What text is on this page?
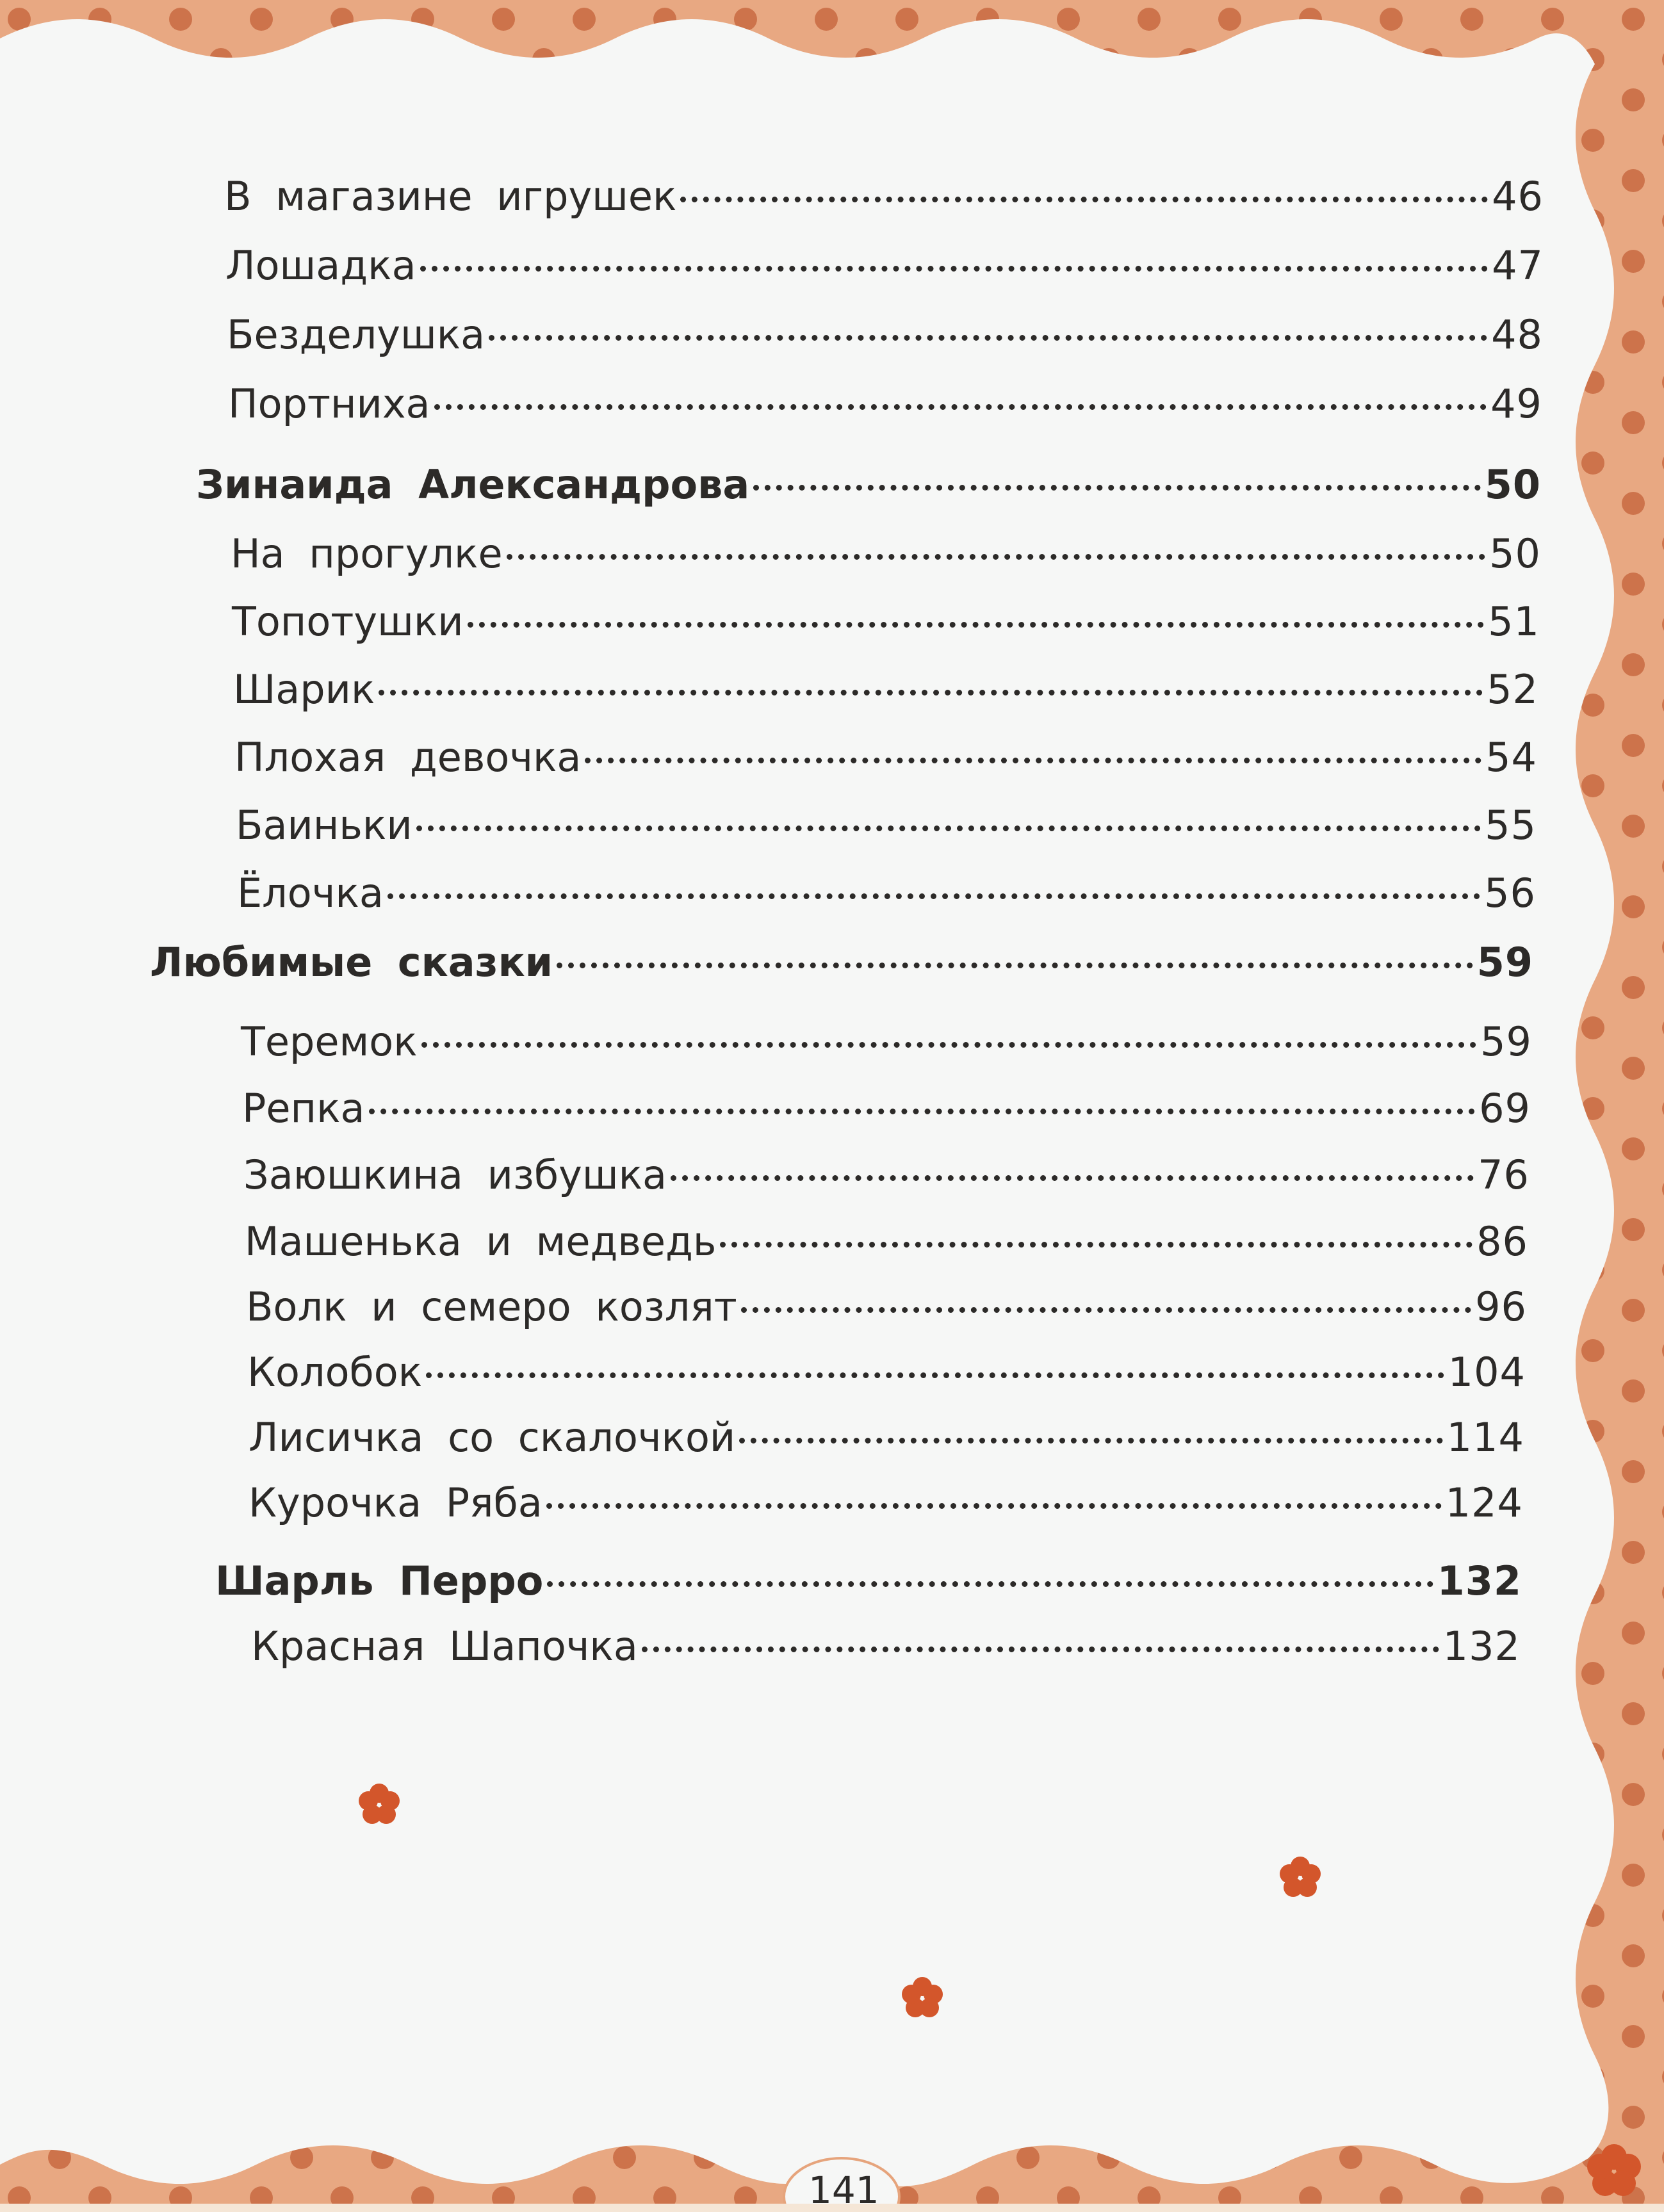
В магазине игрушек	46
Лошадка	47
Безделушка	48
Портниха	49
Зинаида Александрова	50
На прогулке	50
Топотушки	51
Шарик	52
Плохая девочка	54
Баиньки	55
Ёлочка	56
Любимые сказки	59
Теремок	59
Репка	69
Заюшкина избушка	76
Машенька и медведь	86
Волк и семеро козлят	96
Колобок	104
Лисичка со скалочкой	114
Курочка Ряба	124
Шарль Перро	132
Красная Шапочка	132
141
